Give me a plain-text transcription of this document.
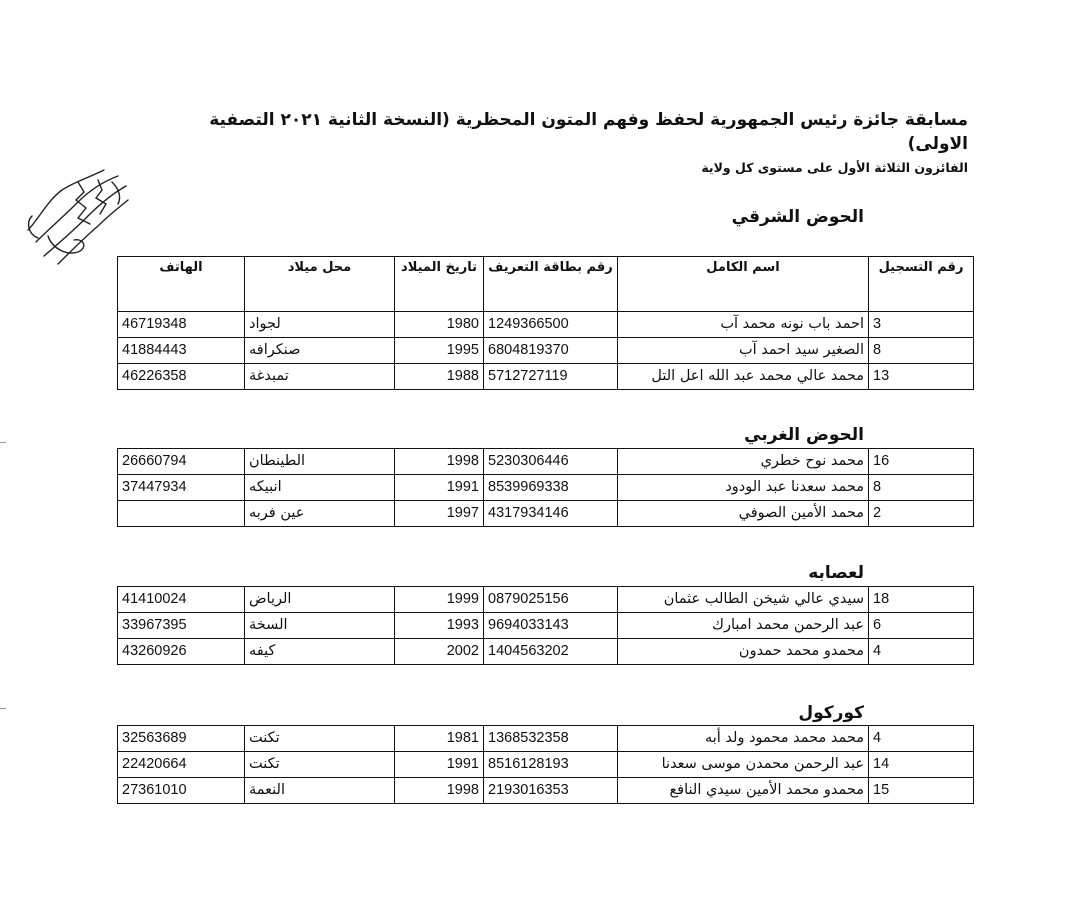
مسابقة جائزة رئيس الجمهورية لحفظ وفهم المتون المحظرية (النسخة الثانية ٢٠٢١ التصفية الاولى)
الفائزون الثلاثة الأول على مستوى كل ولاية
الحوض الشرقي
رقم التسجيل	اسم الكامل	رقم بطاقة التعريف	تاريخ الميلاد	محل ميلاد	الهاتف
3	احمد باب نونه محمد آب	1249366500	1980	لجواد	46719348
8	الصغير سيد احمد آب	6804819370	1995	صنكرافه	41884443
13	محمد عالي محمد عبد الله اعل التل	5712727119	1988	تمبدغة	46226358
الحوض الغربي
16	محمد نوح خطري	5230306446	1998	الطينطان	26660794
8	محمد سعدنا عبد الودود	8539969338	1991	انبيكه	37447934
2	محمد الأمين الصوفي	4317934146	1997	عين فربه	
لعصابه
18	سيدي عالي شيخن الطالب عثمان	0879025156	1999	الرياض	41410024
6	عبد الرحمن محمد امبارك	9694033143	1993	السخة	33967395
4	محمدو محمد حمدون	1404563202	2002	كيفه	43260926
كوركول
4	محمد محمد محمود ولد أبه	1368532358	1981	تكنت	32563689
14	عبد الرحمن محمدن موسى سعدنا	8516128193	1991	تكنت	22420664
15	محمدو محمد الأمين سيدي النافع	2193016353	1998	النعمة	27361010
